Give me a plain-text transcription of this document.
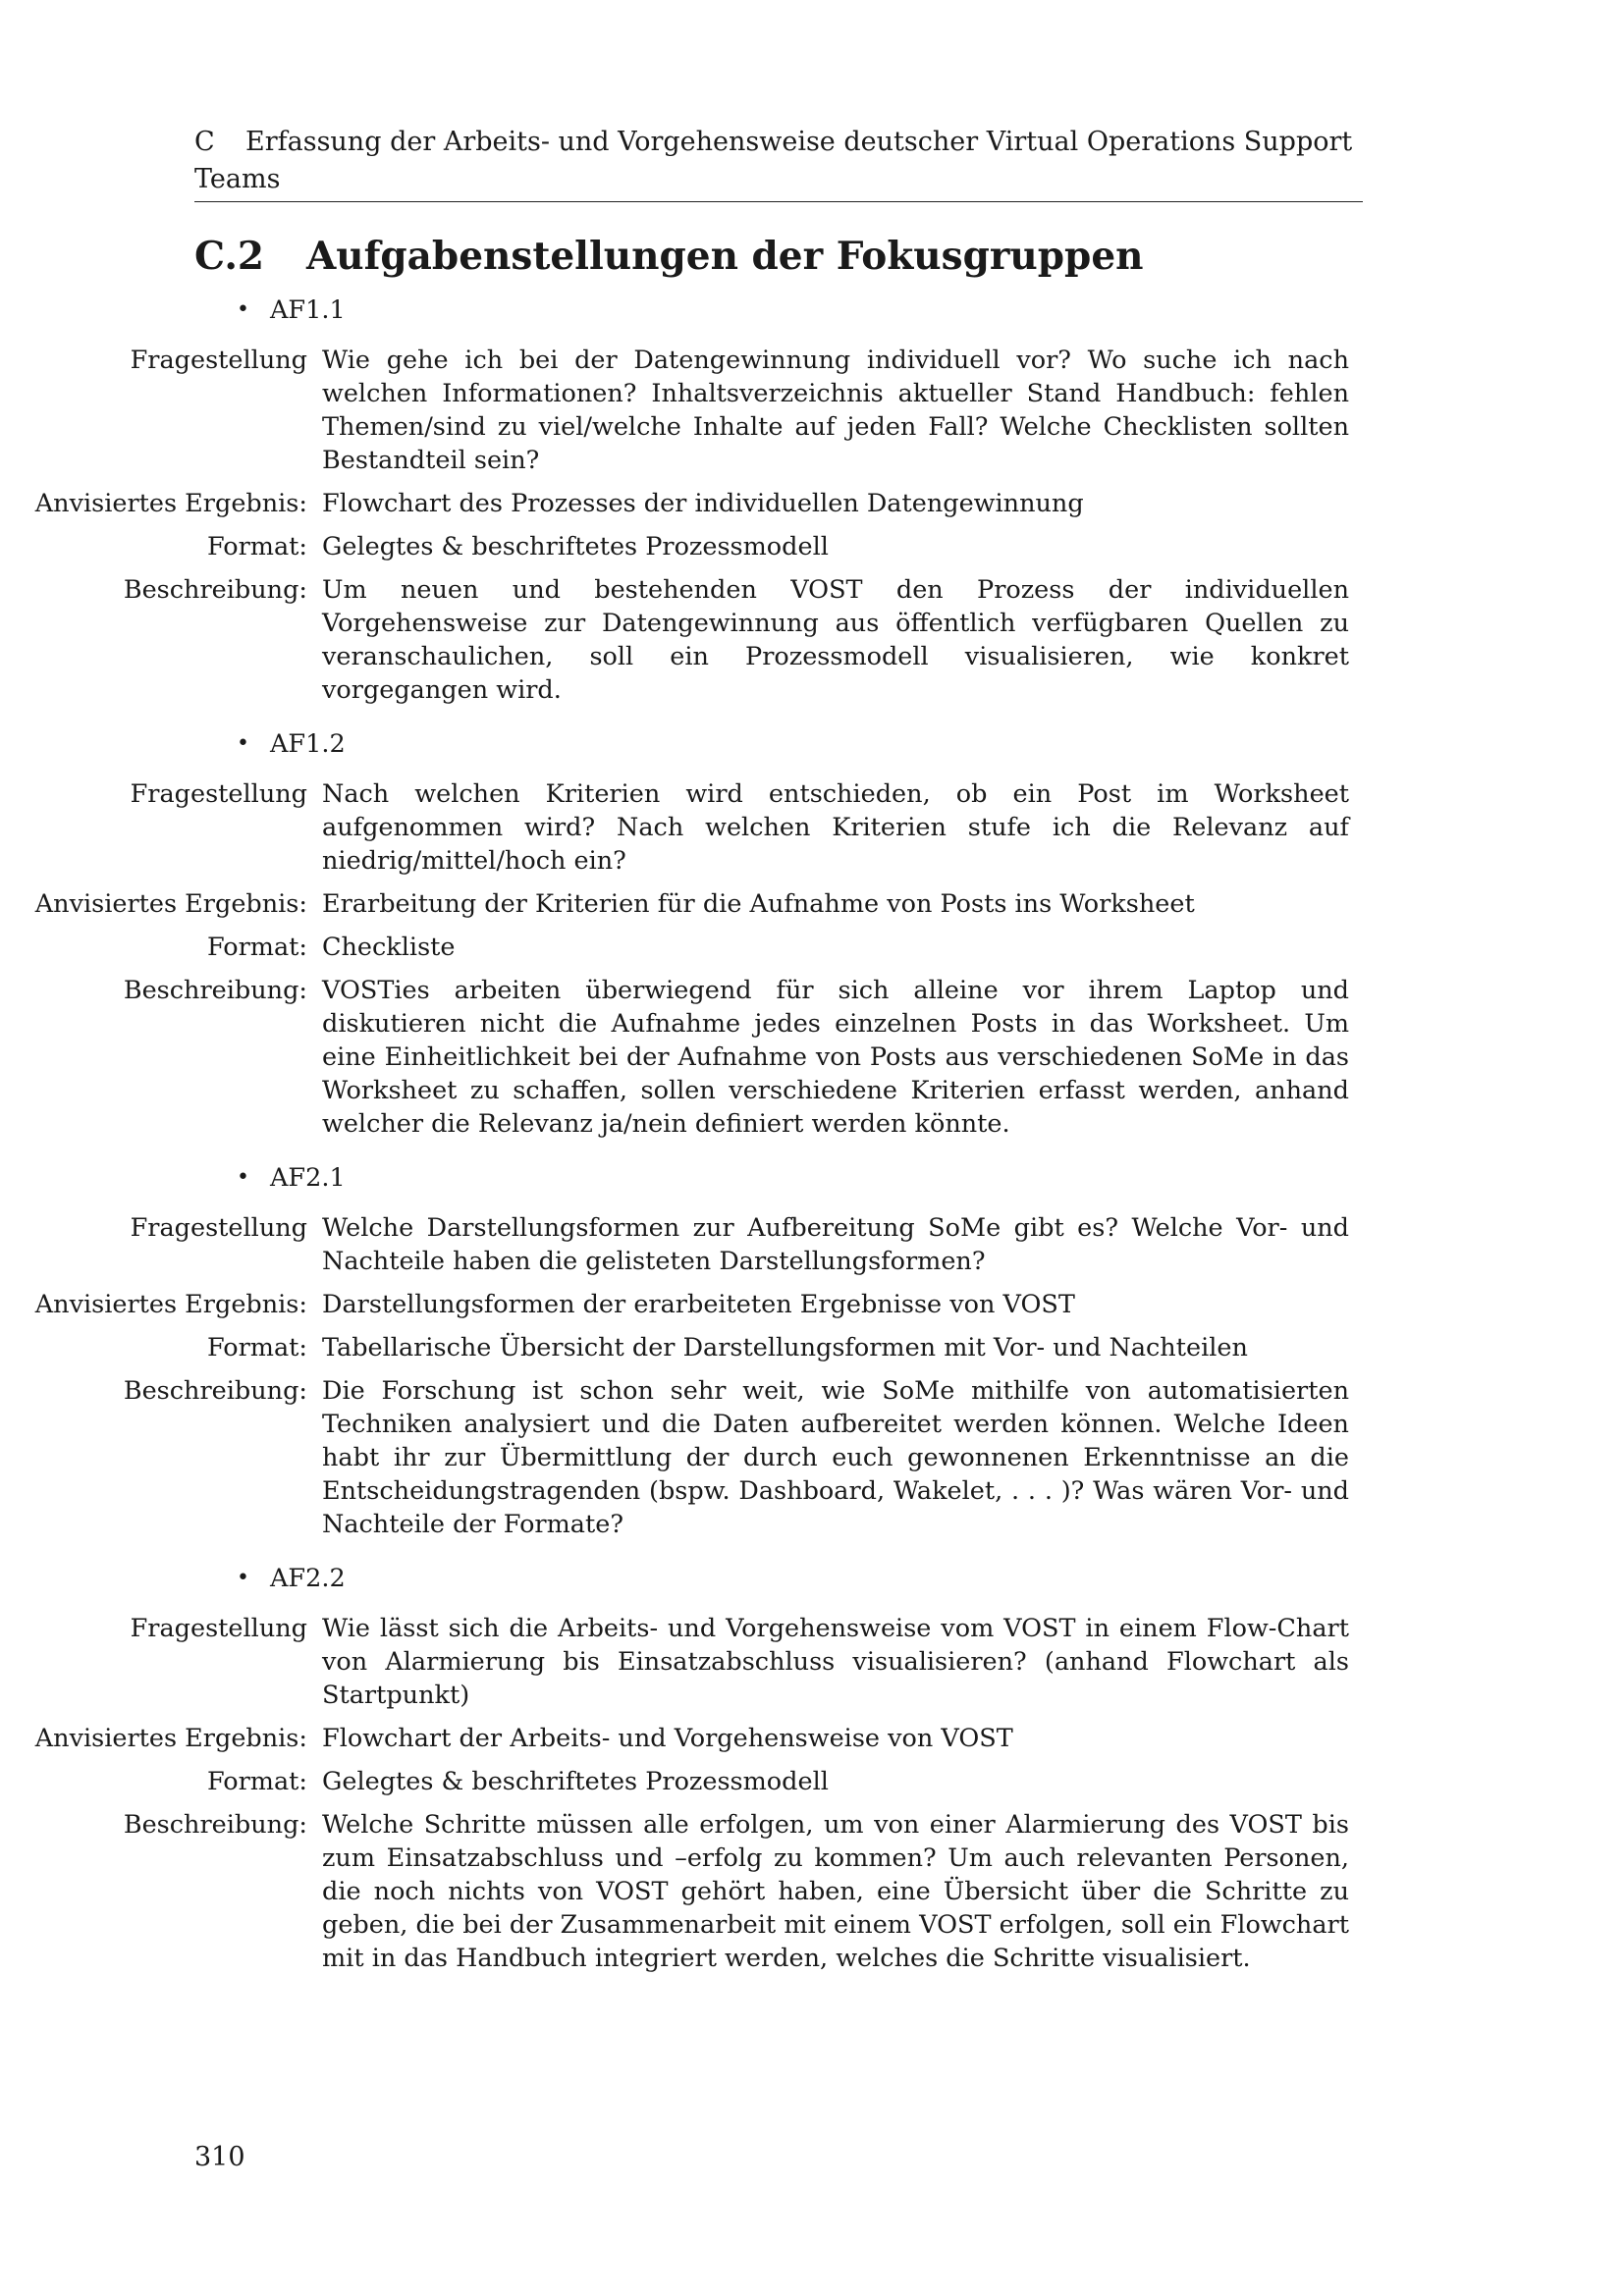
C Erfassung der Arbeits- und Vorgehensweise deutscher Virtual Operations Support Teams
C.2 Aufgabenstellungen der Fokusgruppen
• AF1.1
Fragestellung Wie gehe ich bei der Datengewinnung individuell vor? Wo suche ich nach welchen Informationen? Inhaltsverzeichnis aktueller Stand Handbuch: fehlen Themen/sind zu viel/welche Inhalte auf jeden Fall? Welche Checklisten sollten Bestandteil sein?
Anvisiertes Ergebnis: Flowchart des Prozesses der individuellen Datengewinnung
Format: Gelegtes & beschriftetes Prozessmodell
Beschreibung: Um neuen und bestehenden VOST den Prozess der individuellen Vorgehensweise zur Datengewinnung aus öffentlich verfügbaren Quellen zu veranschaulichen, soll ein Prozessmodell visualisieren, wie konkret vorgegangen wird.
• AF1.2
Fragestellung Nach welchen Kriterien wird entschieden, ob ein Post im Worksheet aufgenommen wird? Nach welchen Kriterien stufe ich die Relevanz auf niedrig/mittel/hoch ein?
Anvisiertes Ergebnis: Erarbeitung der Kriterien für die Aufnahme von Posts ins Worksheet
Format: Checkliste
Beschreibung: VOSTies arbeiten überwiegend für sich alleine vor ihrem Laptop und diskutieren nicht die Aufnahme jedes einzelnen Posts in das Worksheet. Um eine Einheitlichkeit bei der Aufnahme von Posts aus verschiedenen SoMe in das Worksheet zu schaffen, sollen verschiedene Kriterien erfasst werden, anhand welcher die Relevanz ja/nein definiert werden könnte.
• AF2.1
Fragestellung Welche Darstellungsformen zur Aufbereitung SoMe gibt es? Welche Vor- und Nachteile haben die gelisteten Darstellungsformen?
Anvisiertes Ergebnis: Darstellungsformen der erarbeiteten Ergebnisse von VOST
Format: Tabellarische Übersicht der Darstellungsformen mit Vor- und Nachteilen
Beschreibung: Die Forschung ist schon sehr weit, wie SoMe mithilfe von automatisierten Techniken analysiert und die Daten aufbereitet werden können. Welche Ideen habt ihr zur Übermittlung der durch euch gewonnenen Erkenntnisse an die Entscheidungstragenden (bspw. Dashboard, Wakelet, . . . )? Was wären Vor- und Nachteile der Formate?
• AF2.2
Fragestellung Wie lässt sich die Arbeits- und Vorgehensweise vom VOST in einem Flow-Chart von Alarmierung bis Einsatzabschluss visualisieren? (anhand Flowchart als Startpunkt)
Anvisiertes Ergebnis: Flowchart der Arbeits- und Vorgehensweise von VOST
Format: Gelegtes & beschriftetes Prozessmodell
Beschreibung: Welche Schritte müssen alle erfolgen, um von einer Alarmierung des VOST bis zum Einsatzabschluss und –erfolg zu kommen? Um auch relevanten Personen, die noch nichts von VOST gehört haben, eine Übersicht über die Schritte zu geben, die bei der Zusammenarbeit mit einem VOST erfolgen, soll ein Flowchart mit in das Handbuch integriert werden, welches die Schritte visualisiert.
310
